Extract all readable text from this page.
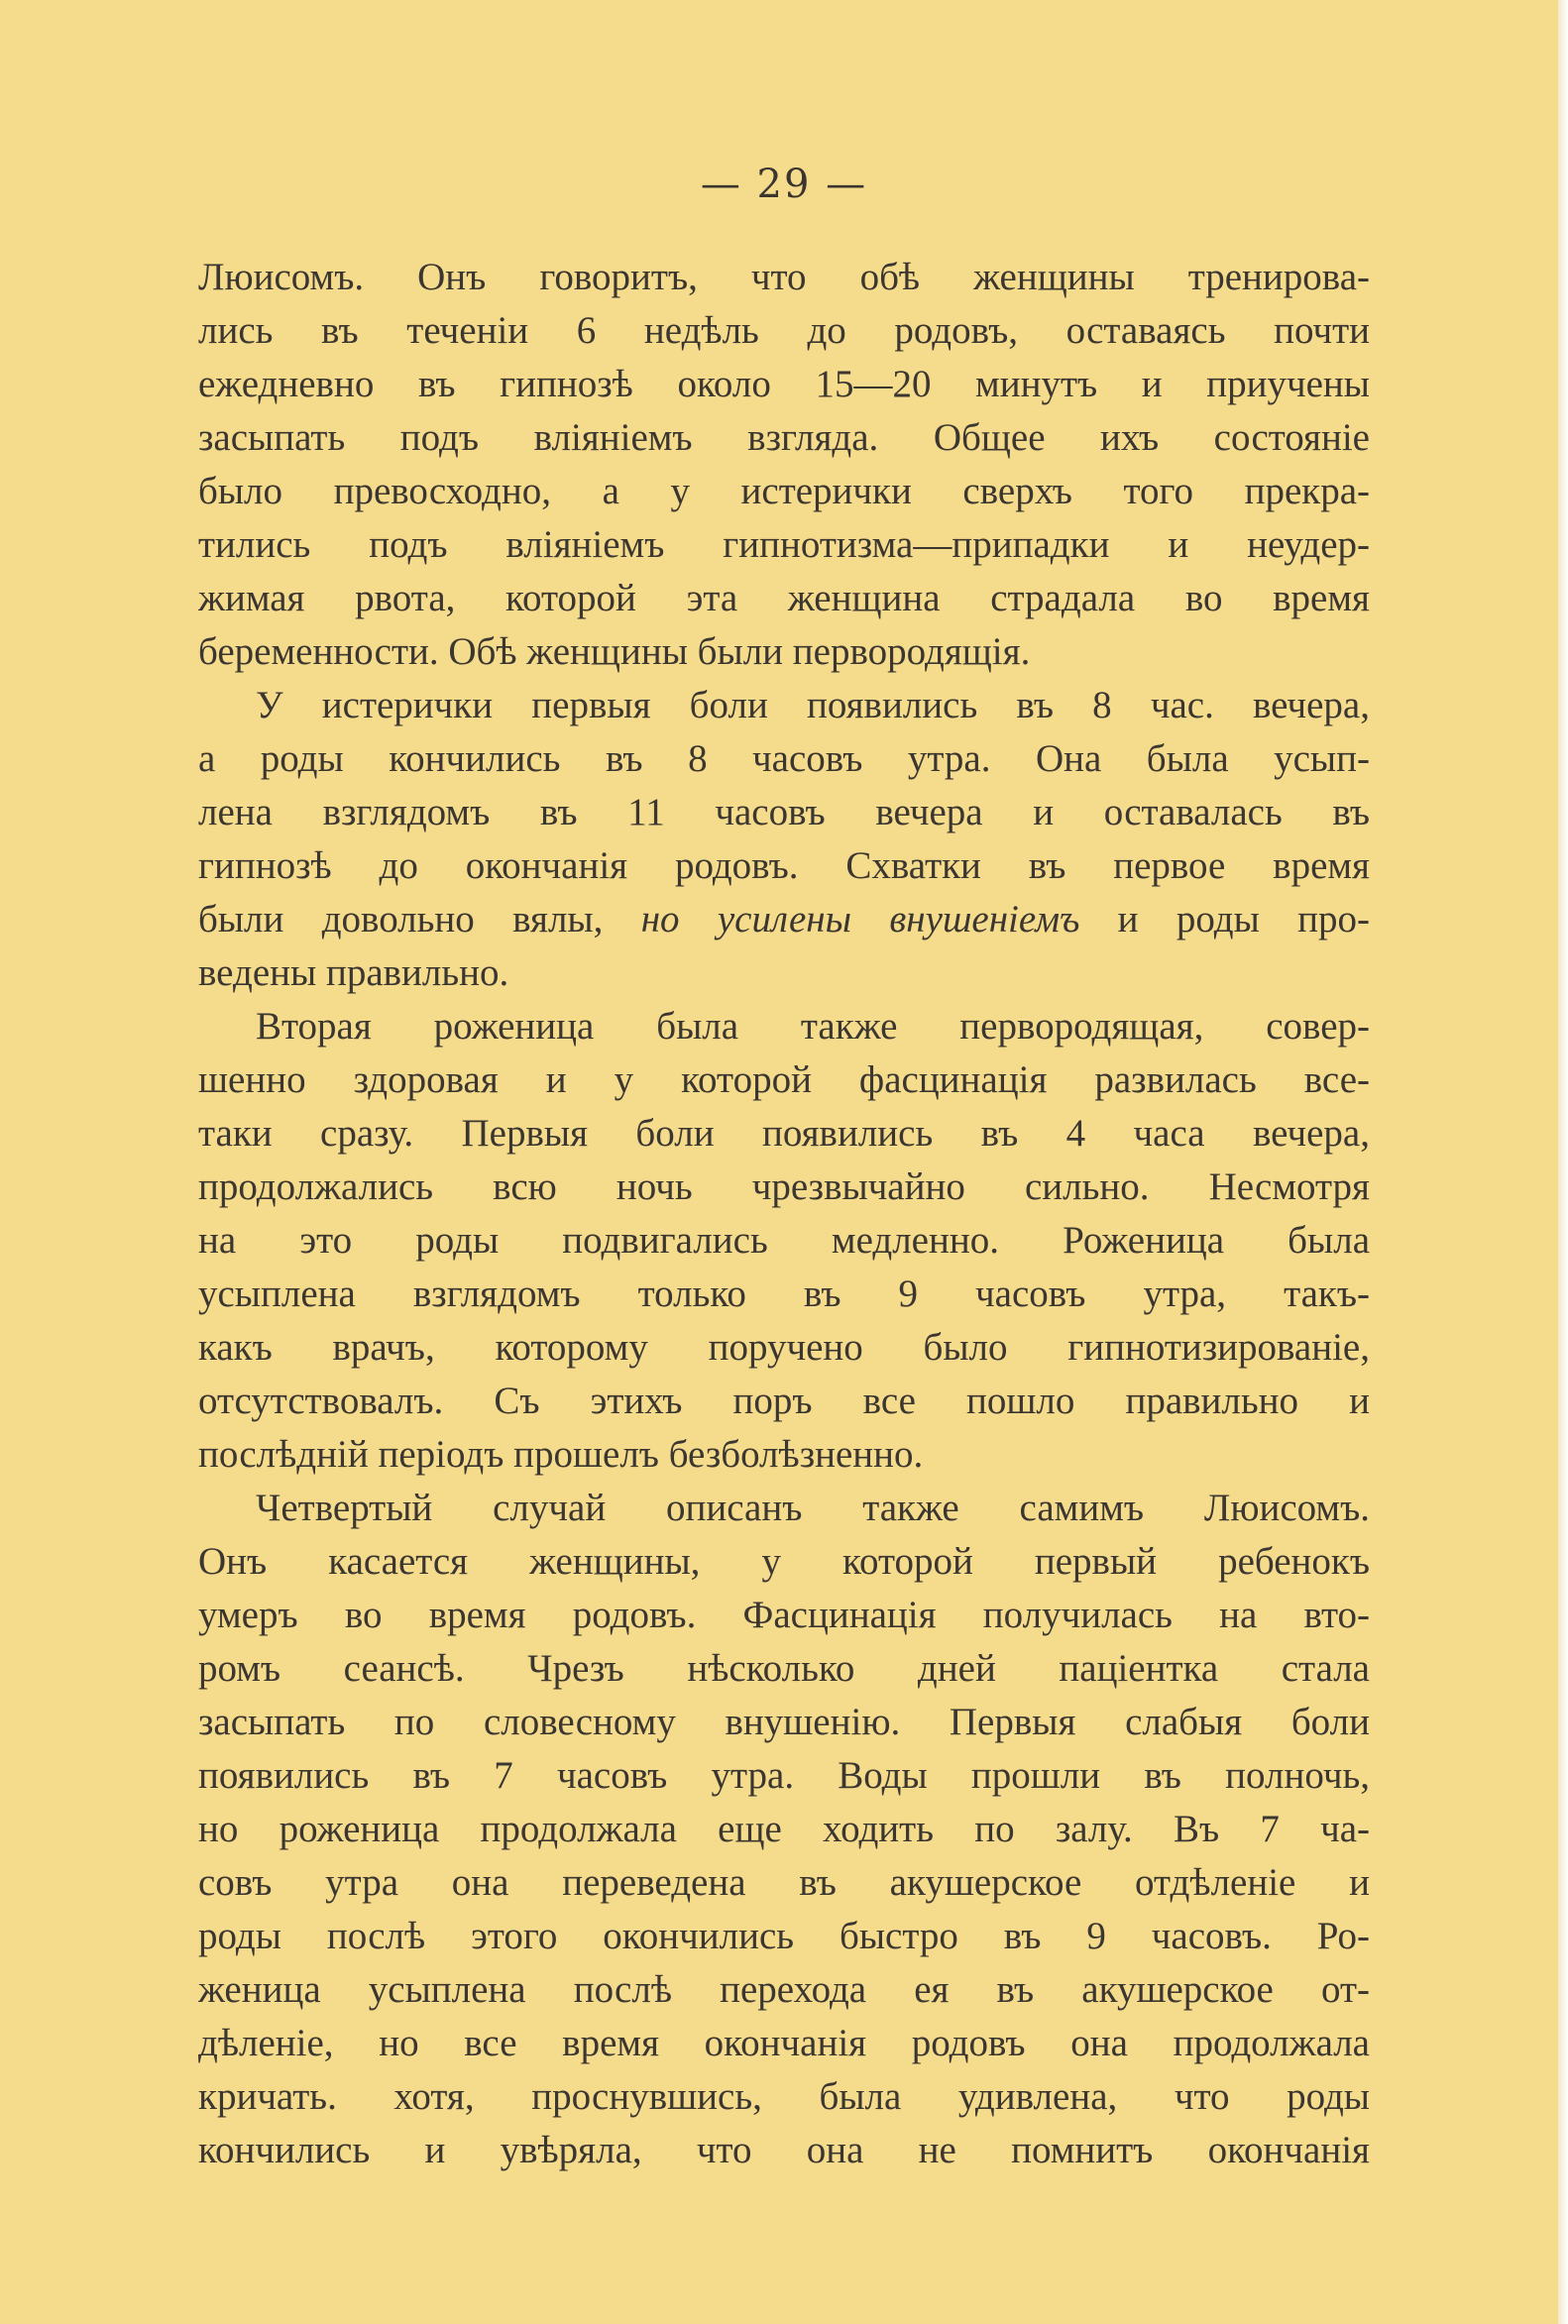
— 29 —
Люисомъ. Онъ говоритъ, что обѣ женщины тренирова-
лись въ теченіи 6 недѣль до родовъ, оставаясь почти
ежедневно въ гипнозѣ около 15—20 минутъ и приучены
засыпать подъ вліяніемъ взгляда. Общее ихъ состояніе
было превосходно, а у истерички сверхъ того прекра-
тились подъ вліяніемъ гипнотизма—припадки и неудер-
жимая рвота, которой эта женщина страдала во время
беременности. Обѣ женщины были первородящія.
У истерички первыя боли появились въ 8 час. вечера,
а роды кончились въ 8 часовъ утра. Она была усып-
лена взглядомъ въ 11 часовъ вечера и оставалась въ
гипнозѣ до окончанія родовъ. Схватки въ первое время
были довольно вялы, но усилены внушеніемъ и роды про-
ведены правильно.
Вторая роженица была также первородящая, совер-
шенно здоровая и у которой фасцинація развилась все-
таки сразу. Первыя боли появились въ 4 часа вечера,
продолжались всю ночь чрезвычайно сильно. Несмотря
на это роды подвигались медленно. Роженица была
усыплена взглядомъ только въ 9 часовъ утра, такъ-
какъ врачъ, которому поручено было гипнотизированіе,
отсутствовалъ. Съ этихъ поръ все пошло правильно и
послѣдній періодъ прошелъ безболѣзненно.
Четвертый случай описанъ также самимъ Люисомъ.
Онъ касается женщины, у которой первый ребенокъ
умеръ во время родовъ. Фасцинація получилась на вто-
ромъ сеансѣ. Чрезъ нѣсколько дней паціентка стала
засыпать по словесному внушенію. Первыя слабыя боли
появились въ 7 часовъ утра. Воды прошли въ полночь,
но роженица продолжала еще ходить по залу. Въ 7 ча-
совъ утра она переведена въ акушерское отдѣленіе и
роды послѣ этого окончились быстро въ 9 часовъ. Ро-
женица усыплена послѣ перехода ея въ акушерское от-
дѣленіе, но все время окончанія родовъ она продолжала
кричать. хотя, проснувшись, была удивлена, что роды
кончились и увѣряла, что она не помнитъ окончанія
